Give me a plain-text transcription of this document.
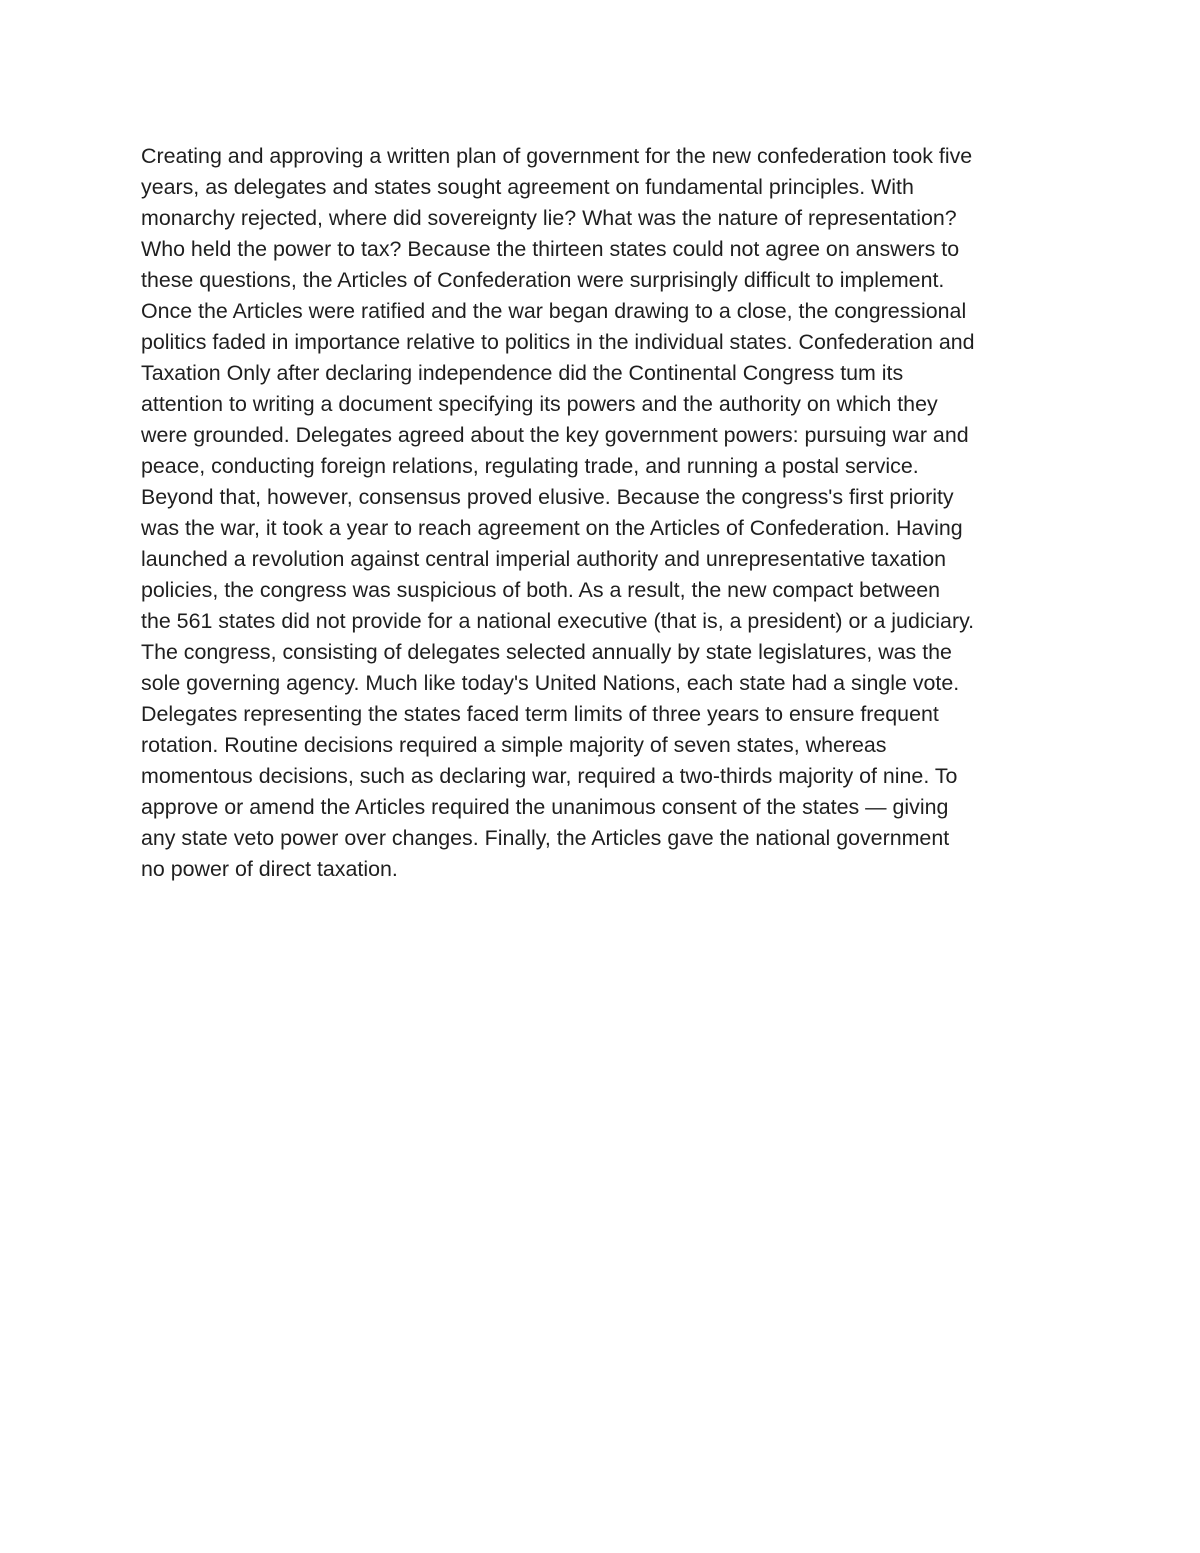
Creating and approving a written plan of government for the new confederation took five
years, as delegates and states sought agreement on fundamental principles. With
monarchy rejected, where did sovereignty lie? What was the nature of representation?
Who held the power to tax? Because the thirteen states could not agree on answers to
these questions, the Articles of Confederation were surprisingly difficult to implement.
Once the Articles were ratified and the war began drawing to a close, the congressional
politics faded in importance relative to politics in the individual states. Confederation and
Taxation Only after declaring independence did the Continental Congress tum its
attention to writing a document specifying its powers and the authority on which they
were grounded. Delegates agreed about the key government powers: pursuing war and
peace, conducting foreign relations, regulating trade, and running a postal service.
Beyond that, however, consensus proved elusive. Because the congress's first priority
was the war, it took a year to reach agreement on the Articles of Confederation. Having
launched a revolution against central imperial authority and unrepresentative taxation
policies, the congress was suspicious of both. As a result, the new compact between
the 561 states did not provide for a national executive (that is, a president) or a judiciary.
The congress, consisting of delegates selected annually by state legislatures, was the
sole governing agency. Much like today's United Nations, each state had a single vote.
Delegates representing the states faced term limits of three years to ensure frequent
rotation. Routine decisions required a simple majority of seven states, whereas
momentous decisions, such as declaring war, required a two-thirds majority of nine. To
approve or amend the Articles required the unanimous consent of the states — giving
any state veto power over changes. Finally, the Articles gave the national government
no power of direct taxation.
